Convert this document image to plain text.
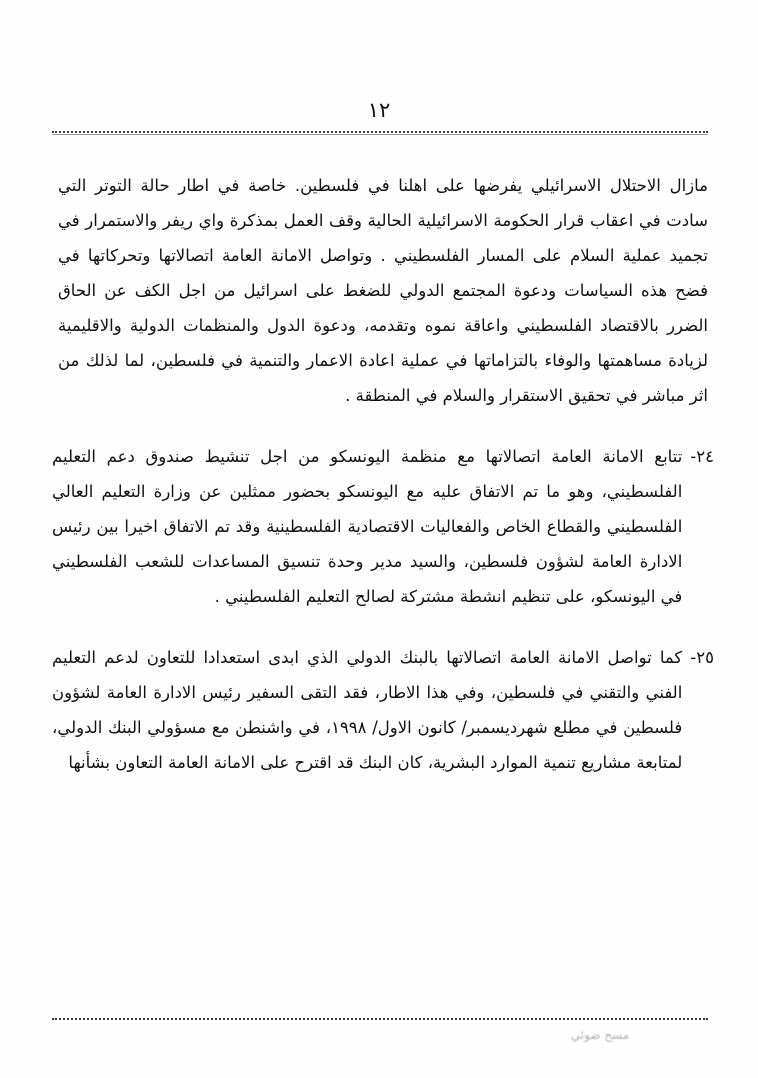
١٢

مازال الاحتلال الاسرائيلي يفرضها على اهلنا في فلسطين. خاصة في اطار حالة التوتر التي سادت في اعقاب قرار الحكومة الاسرائيلية الحالية وقف العمل بمذكرة واي ريفر والاستمرار في تجميد عملية السلام على المسار الفلسطيني . وتواصل الامانة العامة اتصالاتها وتحركاتها في فضح هذه السياسات ودعوة المجتمع الدولي للضغط على اسرائيل من اجل الكف عن الحاق الضرر بالاقتصاد الفلسطيني واعاقة نموه وتقدمه، ودعوة الدول والمنظمات الدولية والاقليمية لزيادة مساهمتها والوفاء بالتزاماتها في عملية اعادة الاعمار والتنمية في فلسطين، لما لذلك من اثر مباشر في تحقيق الاستقرار والسلام في المنطقة .

٢٤-
تتابع الامانة العامة اتصالاتها مع منظمة اليونسكو من اجل تنشيط صندوق دعم التعليم الفلسطيني، وهو ما تم الاتفاق عليه مع اليونسكو بحضور ممثلين عن وزارة التعليم العالي الفلسطيني والقطاع الخاص والفعاليات الاقتصادية الفلسطينية وقد تم الاتفاق اخيرا بين رئيس الادارة العامة لشؤون فلسطين، والسيد مدير وحدة تنسيق المساعدات للشعب الفلسطيني في اليونسكو، على تنظيم انشطة مشتركة لصالح التعليم الفلسطيني .
٢٥-
كما تواصل الامانة العامة اتصالاتها بالبنك الدولي الذي ابدى استعدادا للتعاون لدعم التعليم الفني والتقني في فلسطين، وفي هذا الاطار، فقد التقى السفير رئيس الادارة العامة لشؤون فلسطين في مطلع شهرديسمبر/ كانون الاول/ ١٩٩٨، في واشنطن مع مسؤولي البنك الدولي، لمتابعة مشاريع تنمية الموارد البشرية، كان البنك قد اقترح على الامانة العامة التعاون بشأنها
مسح ضوئي
